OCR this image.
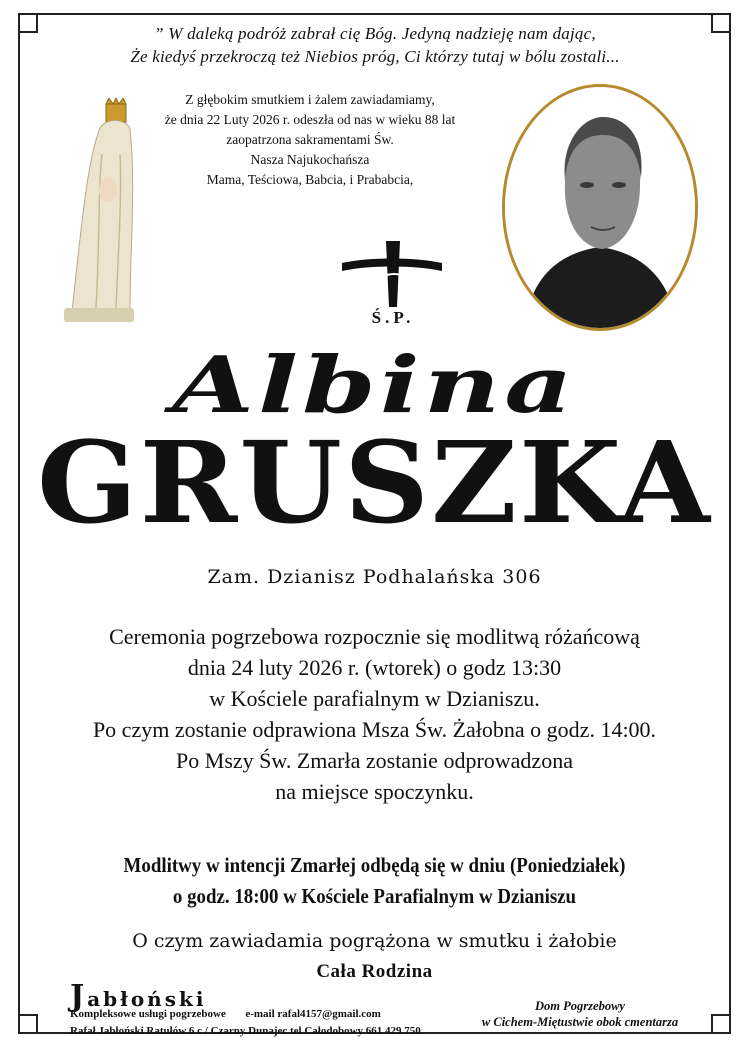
” W daleką podróż zabrał cię Bóg. Jedyną nadzieję nam dając,
Że kiedyś przekroczą też Niebios próg, Ci którzy tutaj w bólu zostali...
Z głębokim smutkiem i żalem zawiadamiamy,
że dnia 22 Luty 2026 r. odeszła od nas w wieku 88 lat
zaopatrzona sakramentami Św.
Nasza Najukochańsza
Mama, Teściowa, Babcia, i Prababcia,
Ś.P.
Albina
GRUSZKA
Zam. Dzianisz Podhalańska 306
Ceremonia pogrzebowa rozpocznie się modlitwą różańcową
dnia 24 luty 2026 r. (wtorek) o godz 13:30
w Kościele parafialnym w Dzianiszu.
Po czym zostanie odprawiona Msza Św. Żałobna o godz. 14:00.
Po Mszy Św. Zmarła zostanie odprowadzona
na miejsce spoczynku.
Modlitwy w intencji Zmarłej odbędą się w dniu (Poniedziałek)
o godz. 18:00 w Kościele Parafialnym w Dzianiszu
O czym zawiadamia pogrążona w smutku i żałobie
Cała Rodzina
Jabłoński
Kompleksowe usługi pogrzebowe e-mail rafal4157@gmail.com
Rafał Jabłoński Ratułów 6 c / Czarny Dunajec tel Całodobowy 661 429 750
Dom Pogrzebowy
w Cichem-Miętustwie obok cmentarza
